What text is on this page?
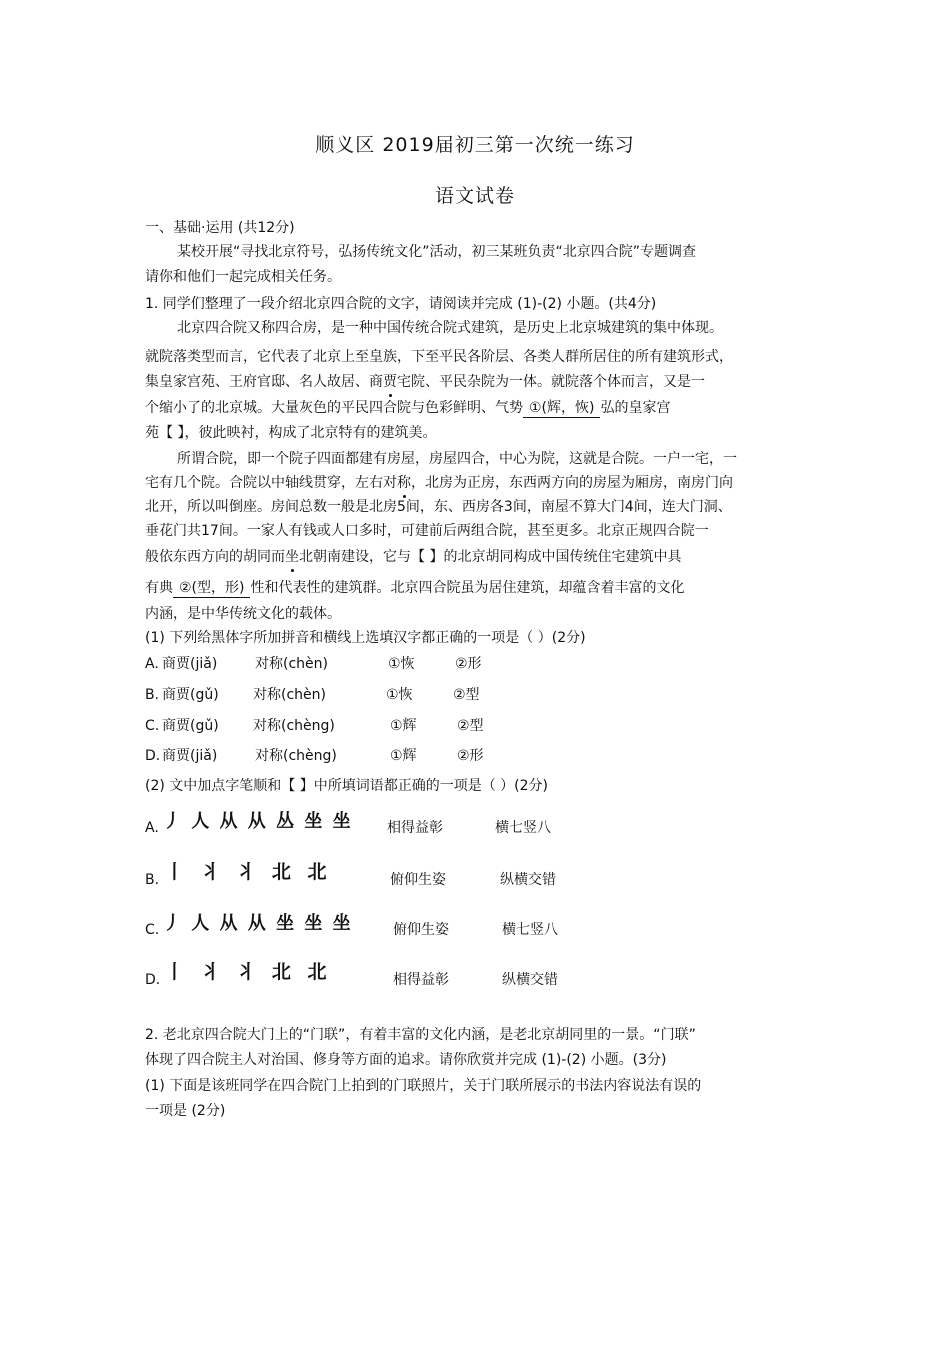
顺义区 2019届初三第一次统一练习
语文试卷
一、基础·运用 (共12分)
某校开展“寻找北京符号，弘扬传统文化”活动，初三某班负责“北京四合院”专题调查
请你和他们一起完成相关任务。
1. 同学们整理了一段介绍北京四合院的文字，请阅读并完成 (1)-(2) 小题。(共4分)
北京四合院又称四合房，是一种中国传统合院式建筑，是历史上北京城建筑的集中体现。
就院落类型而言，它代表了北京上至皇族，下至平民各阶层、各类人群所居住的所有建筑形式，
集皇家宫苑、王府官邸、名人故居、商贾宅院、平民杂院为一体。就院落个体而言，又是一
个缩小了的北京城。大量灰色的平民四合院与色彩鲜明、气势 ①(辉，恢) 弘的皇家宫
苑【 】，彼此映衬，构成了北京特有的建筑美。
所谓合院，即一个院子四面都建有房屋，房屋四合，中心为院，这就是合院。一户一宅，一
宅有几个院。合院以中轴线贯穿，左右对称，北房为正房，东西两方向的房屋为厢房，南房门向
北开，所以叫倒座。房间总数一般是北房5间，东、西房各3间，南屋不算大门4间，连大门洞、
垂花门共17间。一家人有钱或人口多时，可建前后两组合院，甚至更多。北京正规四合院一
般依东西方向的胡同而坐北朝南建设，它与【 】的北京胡同构成中国传统住宅建筑中具
有典 ②(型，形) 性和代表性的建筑群。北京四合院虽为居住建筑，却蕴含着丰富的文化
内涵，是中华传统文化的载体。
(1) 下列给黑体字所加拼音和横线上选填汉字都正确的一项是（ ）(2分)
A. 商贾(jiǎ)	对称(chèn)	①恢	②形
B. 商贾(gǔ) 对称(chèn)	①恢	②型
C. 商贾(gǔ) 对称(chèng)	①辉	②型
D. 商贾(jiǎ)	对称(chèng)	①辉	②形
(2) 文中加点字笔顺和【 】中所填词语都正确的一项是（ ）(2分)
A. 丿 人 从 从 丛 坐 坐 相得益彰	横七竖八
B. 丨 丬 丬 北 北	俯仰生姿	纵横交错
C. 丿 人 从 从 坐 坐 坐	俯仰生姿	横七竖八
D. 丨 丬 丬 北 北	相得益彰	纵横交错
2. 老北京四合院大门上的“门联”，有着丰富的文化内涵，是老北京胡同里的一景。“门联”
体现了四合院主人对治国、修身等方面的追求。请你欣赏并完成 (1)-(2) 小题。(3分)
(1) 下面是该班同学在四合院门上拍到的门联照片，关于门联所展示的书法内容说法有误的
一项是 (2分)
